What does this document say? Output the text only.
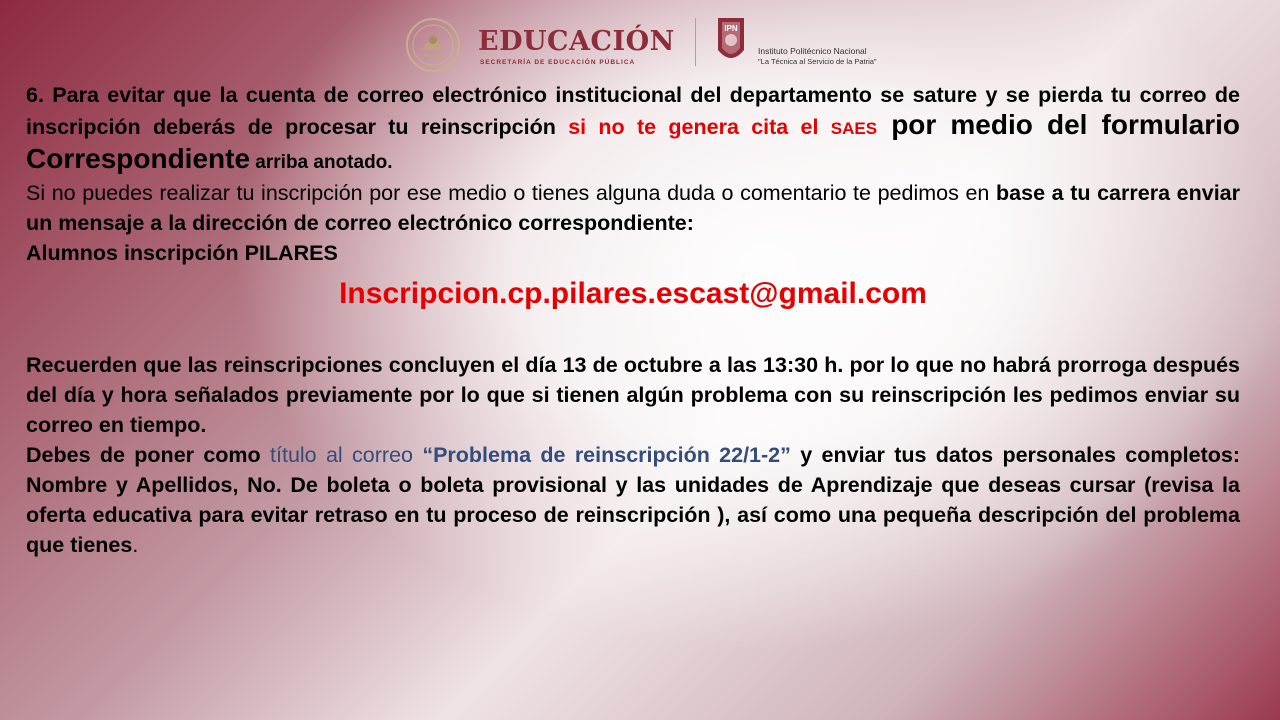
EDUCACIÓN
SECRETARÍA DE EDUCACIÓN PÚBLICA
IPN
Instituto Politécnico Nacional
"La Técnica al Servicio de la Patria"

6. Para evitar que la cuenta de correo electrónico institucional del departamento se sature y se pierda tu correo de inscripción deberás de procesar tu reinscripción si no te genera cita el SAES por medio del formulario Correspondiente arriba anotado.

Si no puedes realizar tu inscripción por ese medio o tienes alguna duda o comentario te pedimos en base a tu carrera enviar un mensaje a la dirección de correo electrónico correspondiente:

Alumnos inscripción PILARES

Inscripcion.cp.pilares.escast@gmail.com

Recuerden que las reinscripciones concluyen el día 13 de octubre a las 13:30 h. por lo que no habrá prorroga después del día y hora señalados previamente por lo que si tienen algún problema con su reinscripción les pedimos enviar su correo en tiempo.

Debes de poner como título al correo “Problema de reinscripción 22/1-2” y enviar tus datos personales completos: Nombre y Apellidos, No. De boleta o boleta provisional y las unidades de Aprendizaje que deseas cursar (revisa la oferta educativa para evitar retraso en tu proceso de reinscripción ), así como una pequeña descripción del problema que tienes.
